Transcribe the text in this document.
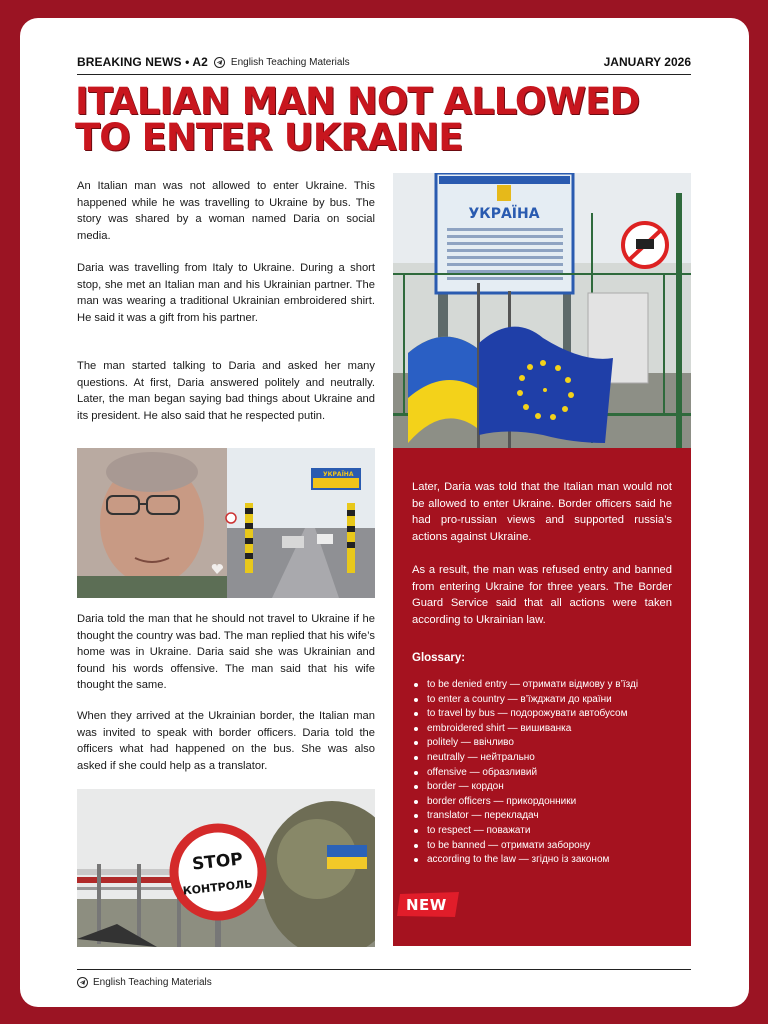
BREAKING NEWS • A2 English Teaching Materials	JANUARY 2026
ITALIAN MAN NOT ALLOWED TO ENTER UKRAINE

An Italian man was not allowed to enter Ukraine. This happened while he was travelling to Ukraine by bus. The story was shared by a woman named Daria on social media.

Daria was travelling from Italy to Ukraine. During a short stop, she met an Italian man and his Ukrainian partner. The man was wearing a traditional Ukrainian embroidered shirt. He said it was a gift from his partner.

The man started talking to Daria and asked her many questions. At first, Daria answered politely and neutrally. Later, the man began saying bad things about Ukraine and its president. He also said that he respected putin.

УКРАЇНА

Daria told the man that he should not travel to Ukraine if he thought the country was bad. The man replied that his wife’s home was in Ukraine. Daria said she was Ukrainian and found his words offensive. The man said that his wife thought the same.

When they arrived at the Ukrainian border, the Italian man was invited to speak with border officers. Daria told the officers what had happened on the bus. She was also asked if she could help as a translator.

STOP
КОНТРОЛЬ
УКРАЇНА

Later, Daria was told that the Italian man would not be allowed to enter Ukraine. Border officers said he had pro-russian views and supported russia’s actions against Ukraine.

As a result, the man was refused entry and banned from entering Ukraine for three years. The Border Guard Service said that all actions were taken according to Ukrainian law.

Glossary:
to be denied entry — отримати відмову у в’їзді
to enter a country — в’їжджати до країни
to travel by bus — подорожувати автобусом
embroidered shirt — вишиванка
politely — ввічливо
neutrally — нейтрально
offensive — образливий
border — кордон
border officers — прикордонники
translator — перекладач
to respect — поважати
to be banned — отримати заборону
according to the law — згідно із законом
NEW
English Teaching Materials
